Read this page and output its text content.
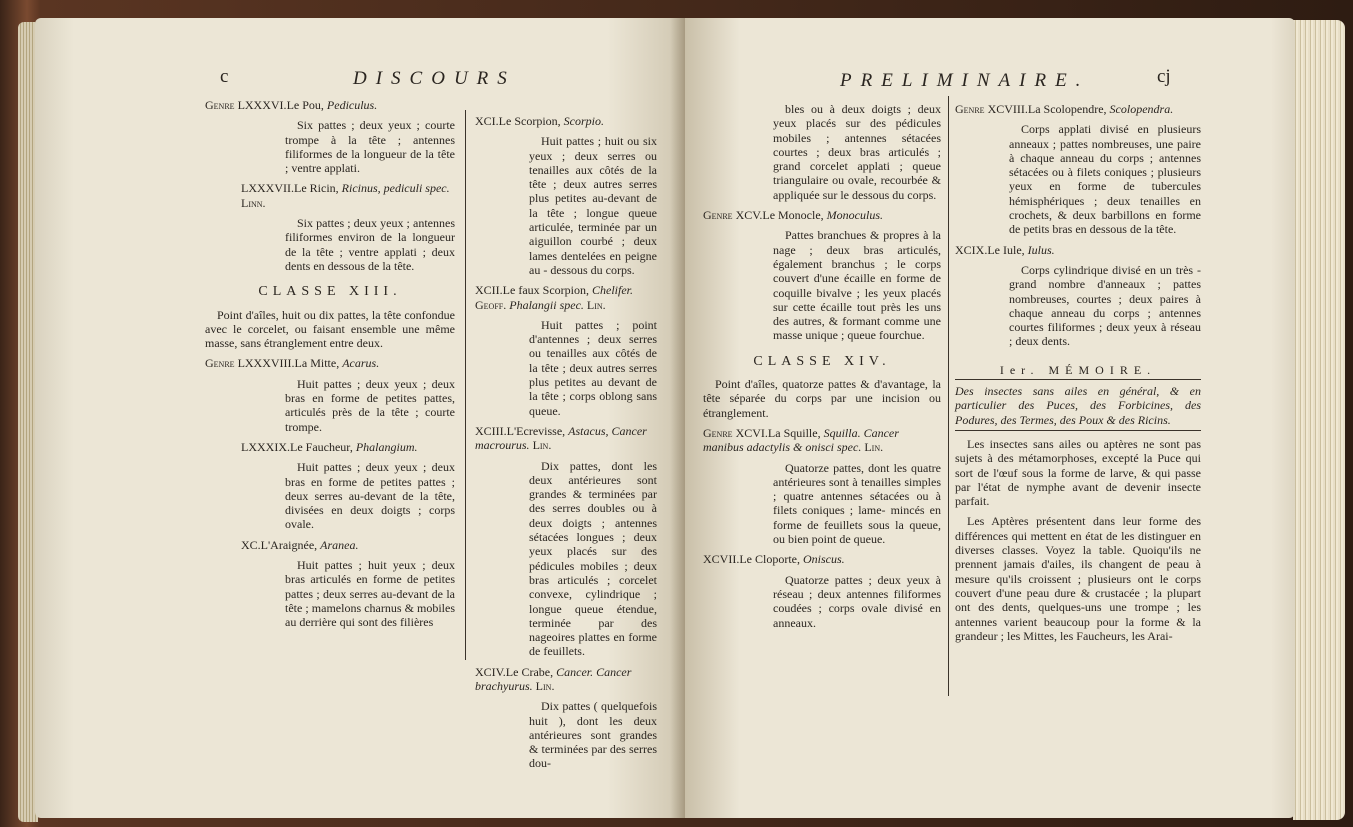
c	DISCOURS

Genre LXXXVI.Le Pou, Pediculus.

Six pattes ; deux yeux ; courte trompe à la tête ; antennes filiformes de la longueur de la tête ; ventre applati.

LXXXVII.Le Ricin, Ricinus, pediculi spec. Linn.

Six pattes ; deux yeux ; antennes filiformes environ de la longueur de la tête ; ventre applati ; deux dents en dessous de la tête.

CLASSE XIII.

Point d'aîles, huit ou dix pattes, la tête confondue avec le corcelet, ou faisant ensemble une même masse, sans étranglement entre deux.

Genre LXXXVIII.La Mitte, Acarus.

Huit pattes ; deux yeux ; deux bras en forme de petites pattes, articulés près de la tête ; courte trompe.

LXXXIX.Le Faucheur, Phalangium.

Huit pattes ; deux yeux ; deux bras en forme de petites pattes ; deux serres au-devant de la tête, divisées en deux doigts ; corps ovale.

XC.L'Araignée, Aranea.

Huit pattes ; huit yeux ; deux bras articulés en forme de petites pattes ; deux serres au-devant de la tête ; mamelons charnus & mobiles au derrière qui sont des filières

XCI.Le Scorpion, Scorpio.

Huit pattes ; huit ou six yeux ; deux serres ou tenailles aux côtés de la tête ; deux autres serres plus petites au-devant de la tête ; longue queue articulée, terminée par un aiguillon courbé ; deux lames dentelées en peigne au - dessous du corps.

XCII.Le faux Scorpion, Chelifer. Geoff. Phalangii spec. Lin.

Huit pattes ; point d'antennes ; deux serres ou tenailles aux côtés de la tête ; deux autres serres plus petites au devant de la tête ; corps oblong sans queue.

XCIII.L'Ecrevisse, Astacus, Cancer macrourus. Lin.

Dix pattes, dont les deux antérieures sont grandes & terminées par des serres doubles ou à deux doigts ; antennes sétacées longues ; deux yeux placés sur des pédicules mobiles ; deux bras articulés ; corcelet convexe, cylindrique ; longue queue étendue, terminée par des nageoires plattes en forme de feuillets.

XCIV.Le Crabe, Cancer. Cancer brachyurus. Lin.

Dix pattes ( quelquefois huit ), dont les deux antérieures sont grandes & terminées par des serres dou-

PRELIMINAIRE.	cj

bles ou à deux doigts ; deux yeux placés sur des pédicules mobiles ; antennes sétacées courtes ; deux bras articulés ; grand corcelet applati ; queue triangulaire ou ovale, recourbée & appliquée sur le dessous du corps.

Genre XCV.Le Monocle, Monoculus.

Pattes branchues & propres à la nage ; deux bras articulés, également branchus ; le corps couvert d'une écaille en forme de coquille bivalve ; les yeux placés sur cette écaille tout près les uns des autres, & formant comme une masse unique ; queue fourchue.

CLASSE XIV.

Point d'aîles, quatorze pattes & d'avantage, la tête séparée du corps par une incision ou étranglement.

Genre XCVI.La Squille, Squilla. Cancer manibus adactylis & onisci spec. Lin.

Quatorze pattes, dont les quatre antérieures sont à tenailles simples ; quatre antennes sétacées ou à filets coniques ; lame- mincés en forme de feuillets sous la queue, ou bien point de queue.

XCVII.Le Cloporte, Oniscus.

Quatorze pattes ; deux yeux à réseau ; deux antennes filiformes coudées ; corps ovale divisé en anneaux.

Genre XCVIII.La Scolopendre, Scolopendra.

Corps applati divisé en plusieurs anneaux ; pattes nombreuses, une paire à chaque anneau du corps ; antennes sétacées ou à filets coniques ; plusieurs yeux en forme de tubercules hémisphériques ; deux tenailles en crochets, & deux barbillons en forme de petits bras en dessous de la tête.

XCIX.Le Iule, Iulus.

Corps cylindrique divisé en un très - grand nombre d'anneaux ; pattes nombreuses, courtes ; deux paires à chaque anneau du corps ; antennes courtes filiformes ; deux yeux à réseau ; deux dents.

Ier. MÉMOIRE.

Des insectes sans ailes en général, & en particulier des Puces, des Forbicines, des Podures, des Termes, des Poux & des Ricins.

Les insectes sans ailes ou aptères ne sont pas sujets à des métamorphoses, excepté la Puce qui sort de l'œuf sous la forme de larve, & qui passe par l'état de nymphe avant de devenir insecte parfait.

Les Aptères présentent dans leur forme des différences qui mettent en état de les distinguer en diverses classes. Voyez la table. Quoiqu'ils ne prennent jamais d'ailes, ils changent de peau à mesure qu'ils croissent ; plusieurs ont le corps couvert d'une peau dure & crustacée ; la plupart ont des dents, quelques-uns une trompe ; les antennes varient beaucoup pour la forme & la grandeur ; les Mittes, les Faucheurs, les Arai-
